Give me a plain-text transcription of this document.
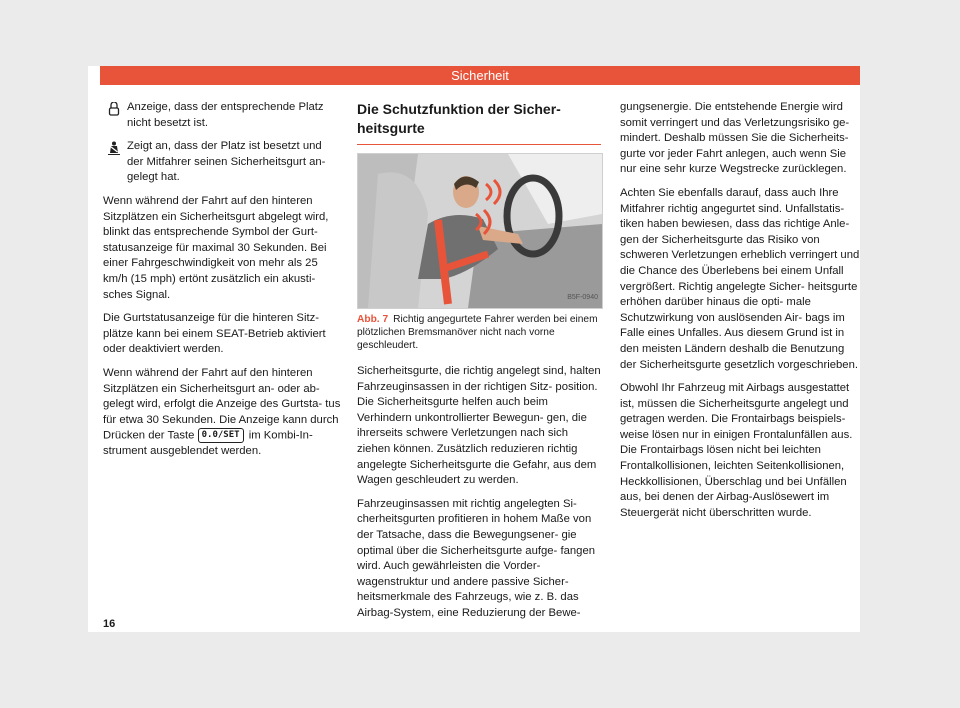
Sicherheit
Anzeige, dass der entsprechende Platz nicht besetzt ist.
Zeigt an, dass der Platz ist besetzt und der Mitfahrer seinen Sicherheitsgurt an- gelegt hat.

Wenn während der Fahrt auf den hinteren Sitzplätzen ein Sicherheitsgurt abgelegt wird, blinkt das entsprechende Symbol der Gurt- statusanzeige für maximal 30 Sekunden. Bei einer Fahrgeschwindigkeit von mehr als 25 km/h (15 mph) ertönt zusätzlich ein akusti- sches Signal.

Die Gurtstatusanzeige für die hinteren Sitz- plätze kann bei einem SEAT-Betrieb aktiviert oder deaktiviert werden.

Wenn während der Fahrt auf den hinteren Sitzplätzen ein Sicherheitsgurt an- oder ab- gelegt wird, erfolgt die Anzeige des Gurtsta- tus für etwa 30 Sekunden. Die Anzeige kann durch Drücken der Taste 0.0/SET im Kombi-In- strument ausgeblendet werden.

Die Schutzfunktion der Sicher- heitsgurte
B5F-0940
Abb. 7 Richtig angegurtete Fahrer werden bei einem plötzlichen Bremsmanöver nicht nach vorne geschleudert.

Sicherheitsgurte, die richtig angelegt sind, halten Fahrzeuginsassen in der richtigen Sitz- position. Die Sicherheitsgurte helfen auch beim Verhindern unkontrollierter Bewegun- gen, die ihrerseits schwere Verletzungen nach sich ziehen können. Zusätzlich reduzieren richtig angelegte Sicherheitsgurte die Gefahr, aus dem Wagen geschleudert zu werden.

Fahrzeuginsassen mit richtig angelegten Si- cherheitsgurten profitieren in hohem Maße von der Tatsache, dass die Bewegungsener- gie optimal über die Sicherheitsgurte aufge- fangen wird. Auch gewährleisten die Vorder- wagenstruktur und andere passive Sicher- heitsmerkmale des Fahrzeugs, wie z. B. das Airbag-System, eine Reduzierung der Bewe-

gungsenergie. Die entstehende Energie wird somit verringert und das Verletzungsrisiko ge- mindert. Deshalb müssen Sie die Sicherheits- gurte vor jeder Fahrt anlegen, auch wenn Sie nur eine sehr kurze Wegstrecke zurücklegen.

Achten Sie ebenfalls darauf, dass auch Ihre Mitfahrer richtig angegurtet sind. Unfallstatis- tiken haben bewiesen, dass das richtige Anle- gen der Sicherheitsgurte das Risiko von schweren Verletzungen erheblich verringert und die Chance des Überlebens bei einem Unfall vergrößert. Richtig angelegte Sicher- heitsgurte erhöhen darüber hinaus die opti- male Schutzwirkung von auslösenden Air- bags im Falle eines Unfalles. Aus diesem Grund ist in den meisten Ländern deshalb die Benutzung der Sicherheitsgurte gesetzlich vorgeschrieben.

Obwohl Ihr Fahrzeug mit Airbags ausgestattet ist, müssen die Sicherheitsgurte angelegt und getragen werden. Die Frontairbags beispiels- weise lösen nur in einigen Frontalunfällen aus. Die Frontairbags lösen nicht bei leichten Frontalkollisionen, leichten Seitenkollisionen, Heckkollisionen, Überschlag und bei Unfällen aus, bei denen der Airbag-Auslösewert im Steuergerät nicht überschritten wurde.

16
